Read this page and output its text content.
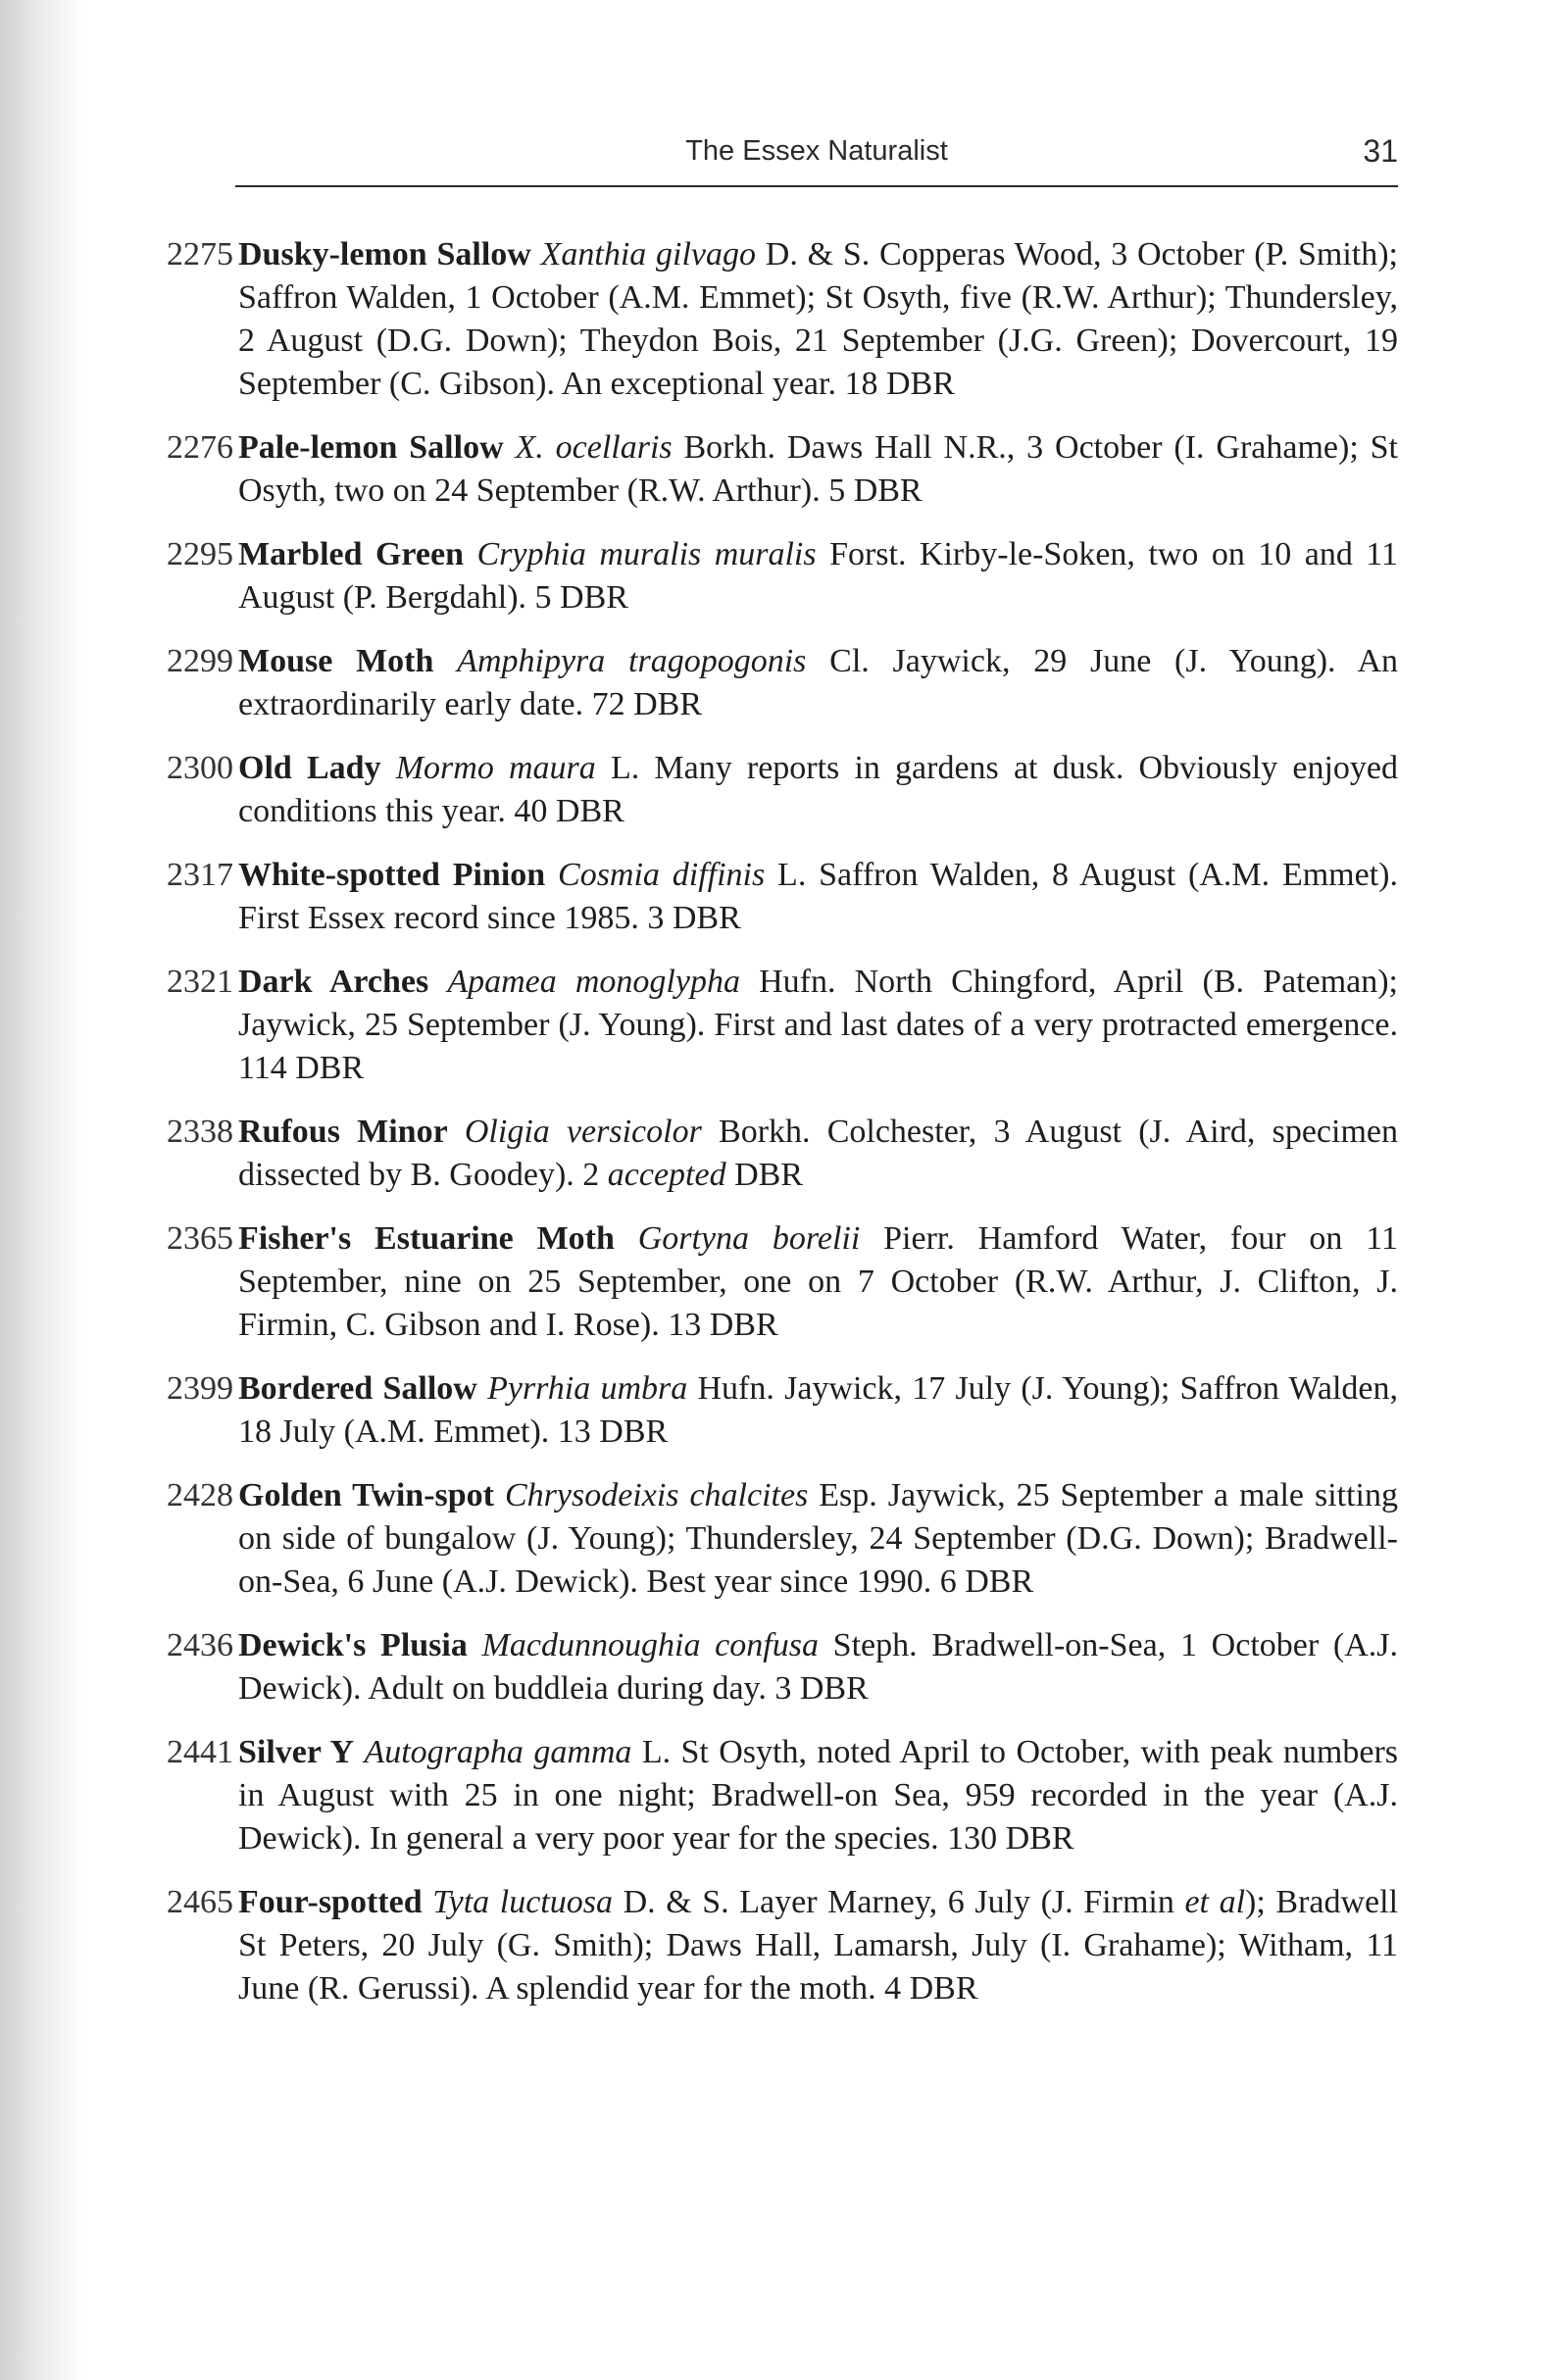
The Essex Naturalist	31
2275 Dusky-lemon Sallow Xanthia gilvago D. & S. Copperas Wood, 3 October (P. Smith); Saffron Walden, 1 October (A.M. Emmet); St Osyth, five (R.W. Arthur); Thundersley, 2 August (D.G. Down); Theydon Bois, 21 September (J.G. Green); Dovercourt, 19 September (C. Gibson). An exceptional year. 18 DBR
2276 Pale-lemon Sallow X. ocellaris Borkh. Daws Hall N.R., 3 October (I. Grahame); St Osyth, two on 24 September (R.W. Arthur). 5 DBR
2295 Marbled Green Cryphia muralis muralis Forst. Kirby-le-Soken, two on 10 and 11 August (P. Bergdahl). 5 DBR
2299 Mouse Moth Amphipyra tragopogonis Cl. Jaywick, 29 June (J. Young). An extraordinarily early date. 72 DBR
2300 Old Lady Mormo maura L. Many reports in gardens at dusk. Obviously enjoyed conditions this year. 40 DBR
2317 White-spotted Pinion Cosmia diffinis L. Saffron Walden, 8 August (A.M. Emmet). First Essex record since 1985. 3 DBR
2321 Dark Arches Apamea monoglypha Hufn. North Chingford, April (B. Pateman); Jaywick, 25 September (J. Young). First and last dates of a very protracted emergence. 114 DBR
2338 Rufous Minor Oligia versicolor Borkh. Colchester, 3 August (J. Aird, specimen dissected by B. Goodey). 2 accepted DBR
2365 Fisher's Estuarine Moth Gortyna borelii Pierr. Hamford Water, four on 11 September, nine on 25 September, one on 7 October (R.W. Arthur, J. Clifton, J. Firmin, C. Gibson and I. Rose). 13 DBR
2399 Bordered Sallow Pyrrhia umbra Hufn. Jaywick, 17 July (J. Young); Saffron Walden, 18 July (A.M. Emmet). 13 DBR
2428 Golden Twin-spot Chrysodeixis chalcites Esp. Jaywick, 25 September a male sitting on side of bungalow (J. Young); Thundersley, 24 September (D.G. Down); Bradwell-on-Sea, 6 June (A.J. Dewick). Best year since 1990. 6 DBR
2436 Dewick's Plusia Macdunnoughia confusa Steph. Bradwell-on-Sea, 1 October (A.J. Dewick). Adult on buddleia during day. 3 DBR
2441 Silver Y Autographa gamma L. St Osyth, noted April to October, with peak numbers in August with 25 in one night; Bradwell-on Sea, 959 recorded in the year (A.J. Dewick). In general a very poor year for the species. 130 DBR
2465 Four-spotted Tyta luctuosa D. & S. Layer Marney, 6 July (J. Firmin et al); Bradwell St Peters, 20 July (G. Smith); Daws Hall, Lamarsh, July (I. Grahame); Witham, 11 June (R. Gerussi). A splendid year for the moth. 4 DBR
